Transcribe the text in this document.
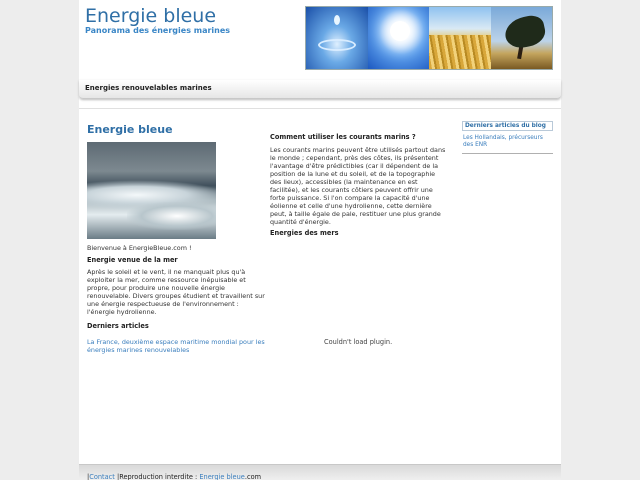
Energie bleue
Panorama des énergies marines
Energies renouvelables marines
Energie bleue
Bienvenue à EnergieBleue.com !
Energie venue de la mer
Après le soleil et le vent, il ne manquait plus qu'à exploiter la mer, comme ressource inépuisable et propre, pour produire une nouvelle énergie renouvelable. Divers groupes étudient et travaillent sur une énergie respectueuse de l'environnement : l'énergie hydrolienne.
Derniers articles
La France, deuxième espace maritime mondial pour les énergies marines renouvelables
Comment utiliser les courants marins ?
Les courants marins peuvent être utilisés partout dans le monde ; cependant, près des côtes, ils présentent l'avantage d'être prédictibles (car il dépendent de la position de la lune et du soleil, et de la topographie des lieux), accessibles (la maintenance en est facilitée), et les courants côtiers peuvent offrir une forte puissance. Si l'on compare la capacité d'une éolienne et celle d'une hydrolienne, cette dernière peut, à taille égale de pale, restituer une plus grande quantité d'énergie.
Energies des mers
Couldn't load plugin.
Derniers articles du blog
Les Hollandais, précurseurs des ENR
|Contact |Reproduction interdite : Energie bleue.com
